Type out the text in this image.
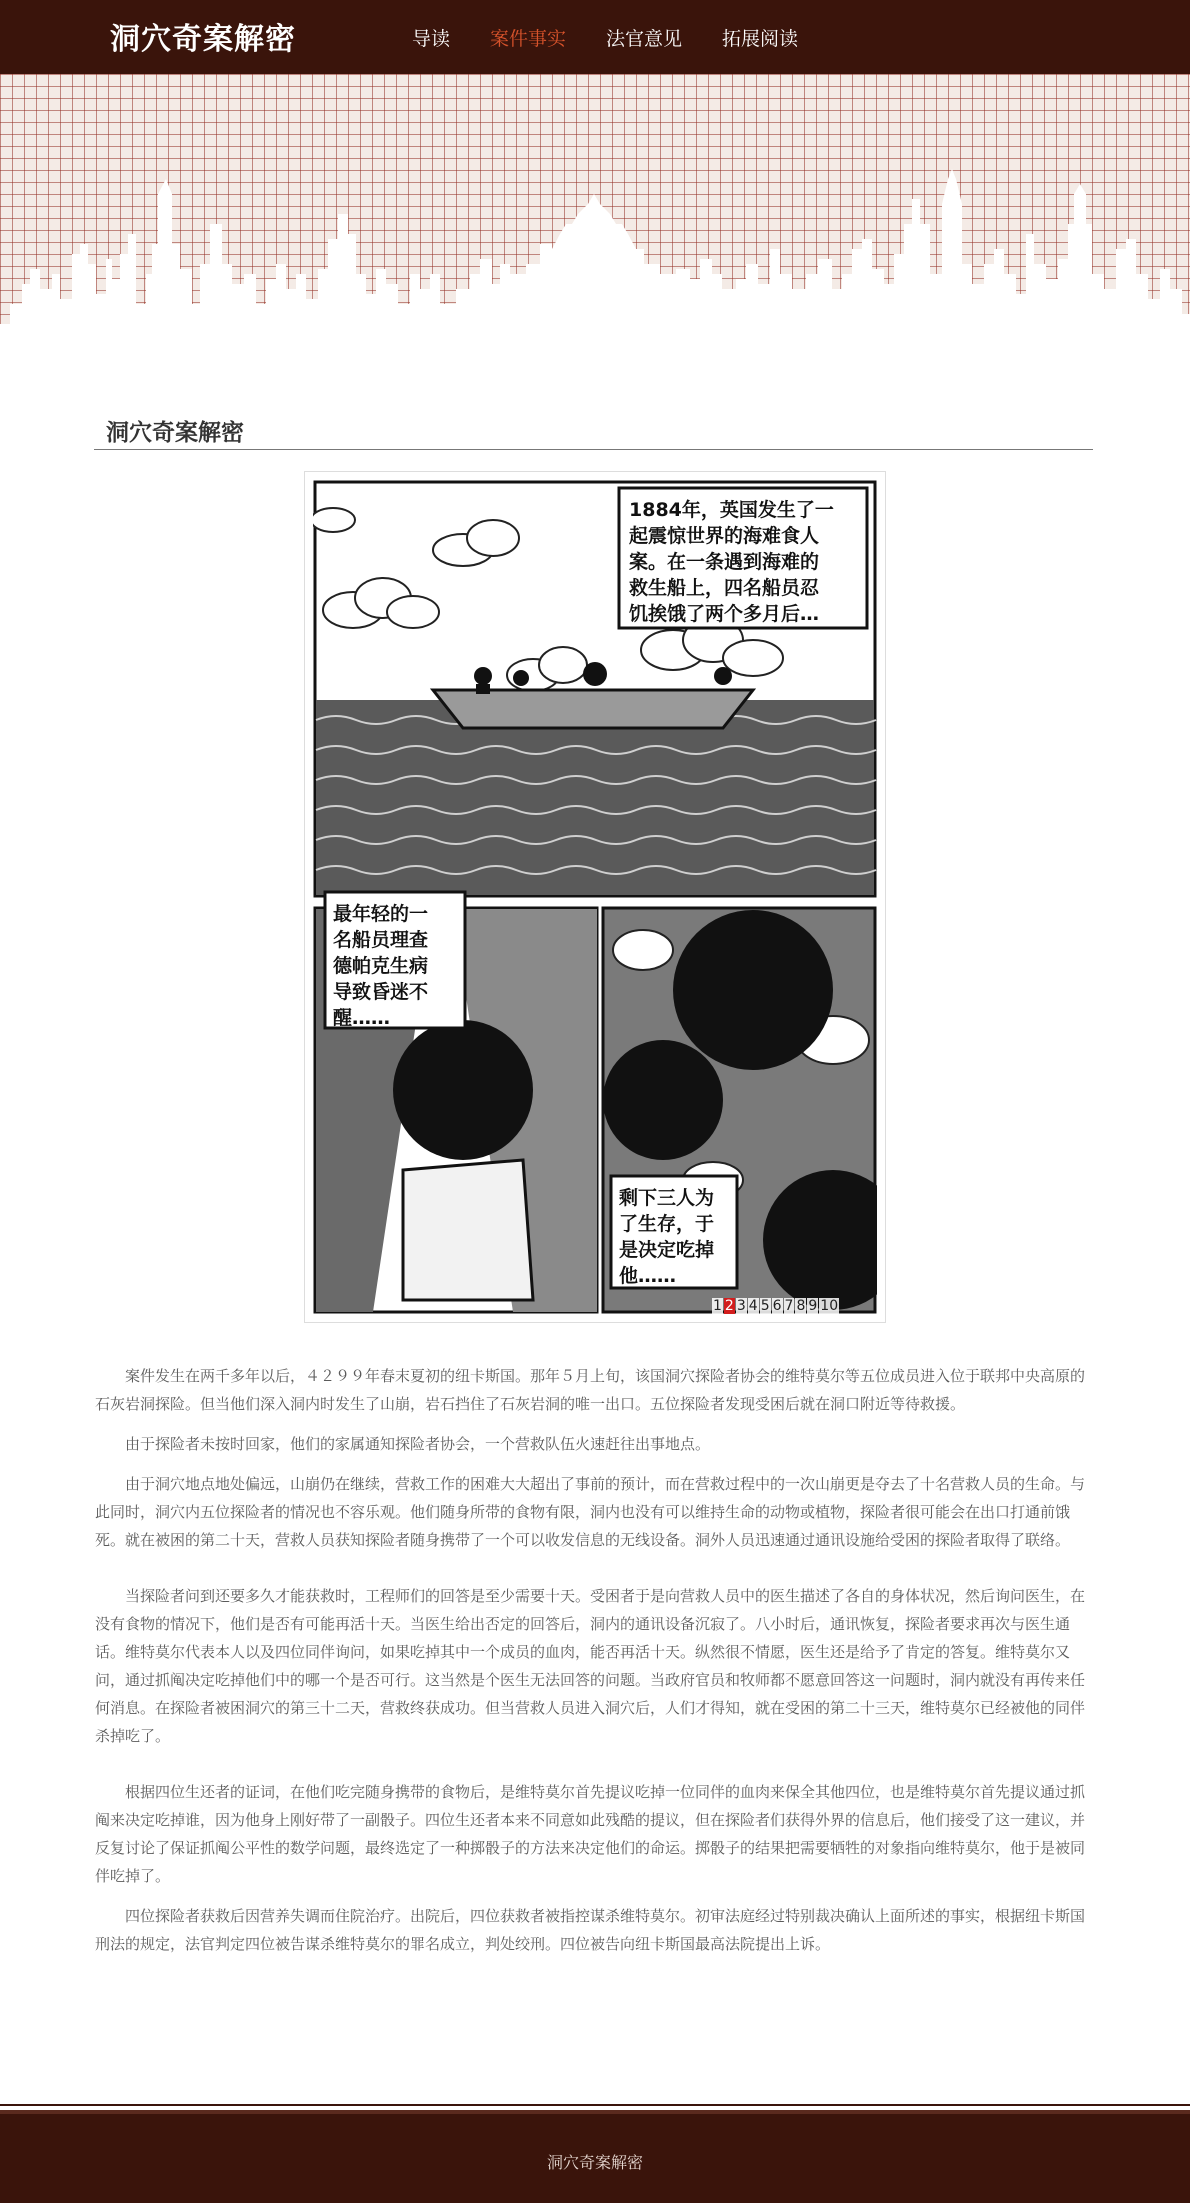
洞穴奇案解密	导读 案件事实 法官意见 拓展阅读
洞穴奇案解密
1884年，英国发生了一
起震惊世界的海难食人
案。在一条遇到海难的
救生船上，四名船员忍
饥挨饿了两个多月后…
最年轻的一
名船员理查
德帕克生病
导致昏迷不
醒……
剩下三人为
了生存，于
是决定吃掉
他……
1 2 3 4 5 6 7 8 9 10

案件发生在两千多年以后，４２９９年春末夏初的纽卡斯国。那年５月上旬，该国洞穴探险者协会的维特莫尔等五位成员进入位于联邦中央高原的石灰岩洞探险。但当他们深入洞内时发生了山崩，岩石挡住了石灰岩洞的唯一出口。五位探险者发现受困后就在洞口附近等待救援。

由于探险者未按时回家，他们的家属通知探险者协会，一个营救队伍火速赶往出事地点。

由于洞穴地点地处偏远，山崩仍在继续，营救工作的困难大大超出了事前的预计，而在营救过程中的一次山崩更是夺去了十名营救人员的生命。与此同时，洞穴内五位探险者的情况也不容乐观。他们随身所带的食物有限，洞内也没有可以维持生命的动物或植物，探险者很可能会在出口打通前饿死。就在被困的第二十天，营救人员获知探险者随身携带了一个可以收发信息的无线设备。洞外人员迅速通过通讯设施给受困的探险者取得了联络。

当探险者问到还要多久才能获救时，工程师们的回答是至少需要十天。受困者于是向营救人员中的医生描述了各自的身体状况，然后询问医生，在没有食物的情况下，他们是否有可能再活十天。当医生给出否定的回答后，洞内的通讯设备沉寂了。八小时后，通讯恢复，探险者要求再次与医生通话。维特莫尔代表本人以及四位同伴询问，如果吃掉其中一个成员的血肉，能否再活十天。纵然很不情愿，医生还是给予了肯定的答复。维特莫尔又问，通过抓阄决定吃掉他们中的哪一个是否可行。这当然是个医生无法回答的问题。当政府官员和牧师都不愿意回答这一问题时，洞内就没有再传来任何消息。在探险者被困洞穴的第三十二天，营救终获成功。但当营救人员进入洞穴后，人们才得知，就在受困的第二十三天，维特莫尔已经被他的同伴杀掉吃了。

根据四位生还者的证词，在他们吃完随身携带的食物后，是维特莫尔首先提议吃掉一位同伴的血肉来保全其他四位，也是维特莫尔首先提议通过抓阄来决定吃掉谁，因为他身上刚好带了一副骰子。四位生还者本来不同意如此残酷的提议，但在探险者们获得外界的信息后，他们接受了这一建议，并反复讨论了保证抓阄公平性的数学问题，最终选定了一种掷骰子的方法来决定他们的命运。掷骰子的结果把需要牺牲的对象指向维特莫尔，他于是被同伴吃掉了。

四位探险者获救后因营养失调而住院治疗。出院后，四位获救者被指控谋杀维特莫尔。初审法庭经过特别裁决确认上面所述的事实，根据纽卡斯国刑法的规定，法官判定四位被告谋杀维特莫尔的罪名成立，判处绞刑。四位被告向纽卡斯国最高法院提出上诉。

洞穴奇案解密
